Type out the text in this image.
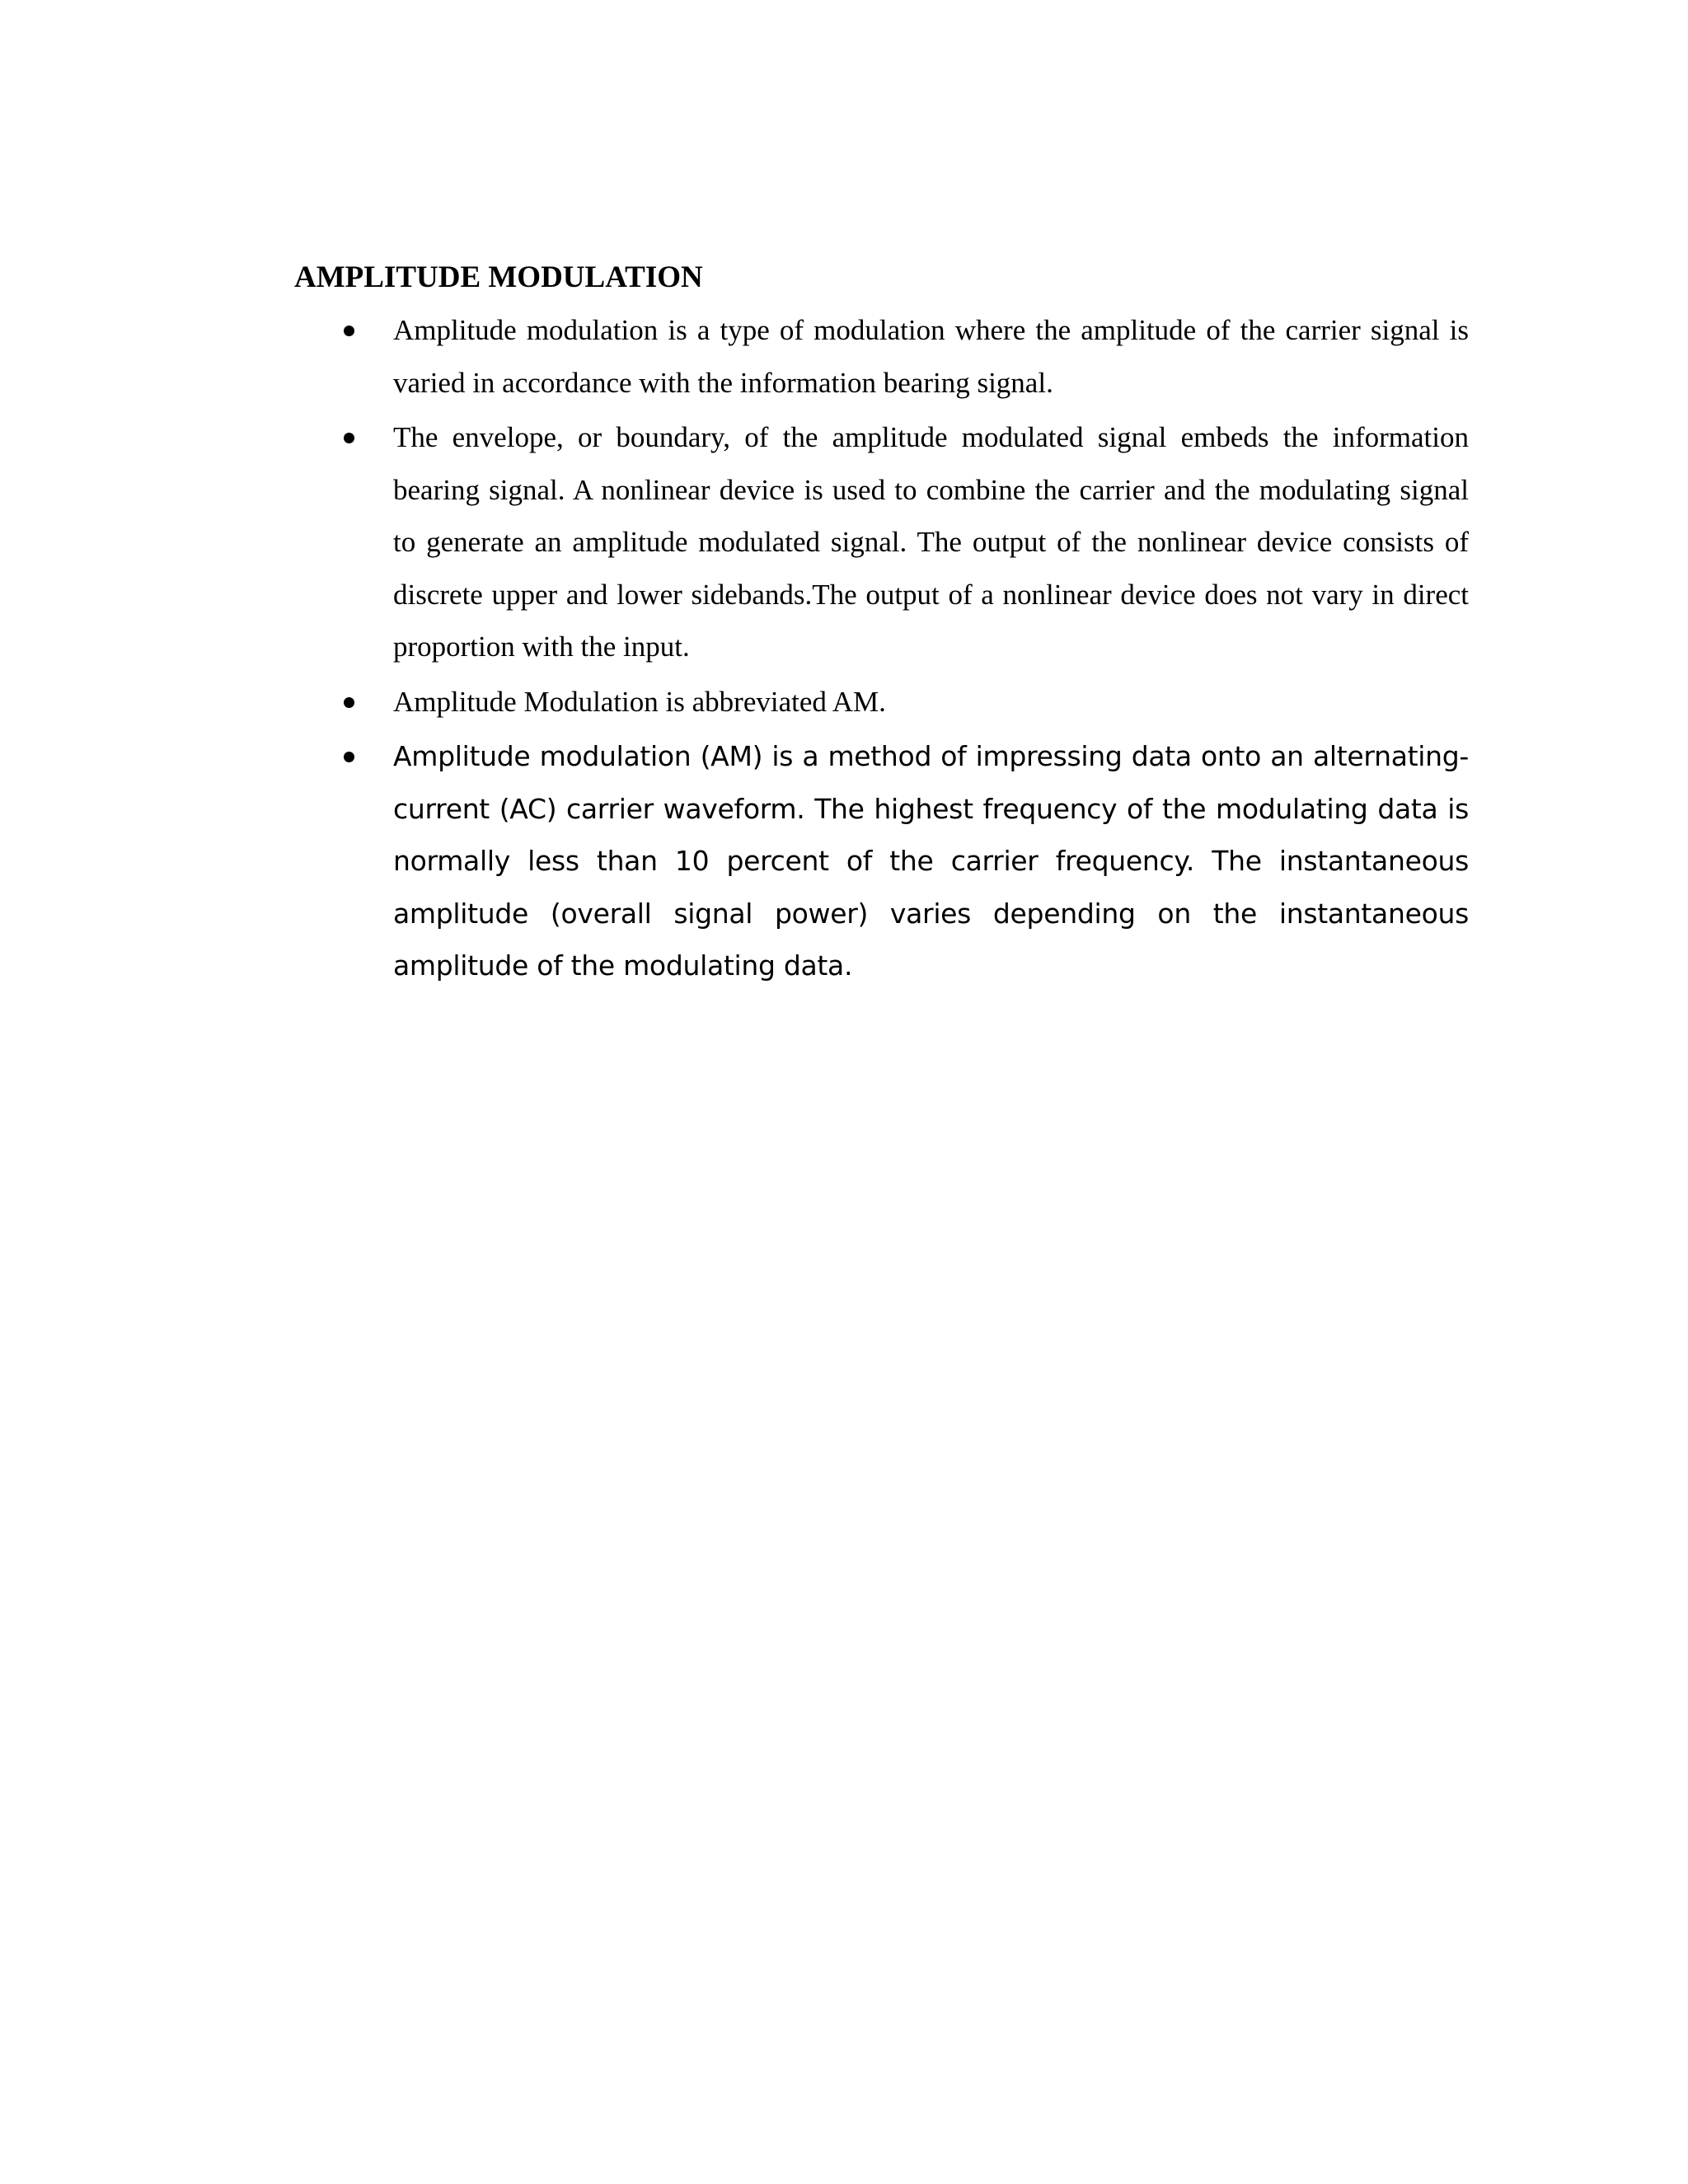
AMPLITUDE MODULATION
Amplitude modulation is a type of modulation where the amplitude of the carrier signal is varied in accordance with the information bearing signal.
The envelope, or boundary, of the amplitude modulated signal embeds the information bearing signal. A nonlinear device is used to combine the carrier and the modulating signal to generate an amplitude modulated signal. The output of the nonlinear device consists of discrete upper and lower sidebands.The output of a nonlinear device does not vary in direct proportion with the input.
Amplitude Modulation is abbreviated AM.
Amplitude modulation (AM) is a method of impressing data onto an alternating-current (AC) carrier waveform. The highest frequency of the modulating data is normally less than 10 percent of the carrier frequency. The instantaneous amplitude (overall signal power) varies depending on the instantaneous amplitude of the modulating data.
